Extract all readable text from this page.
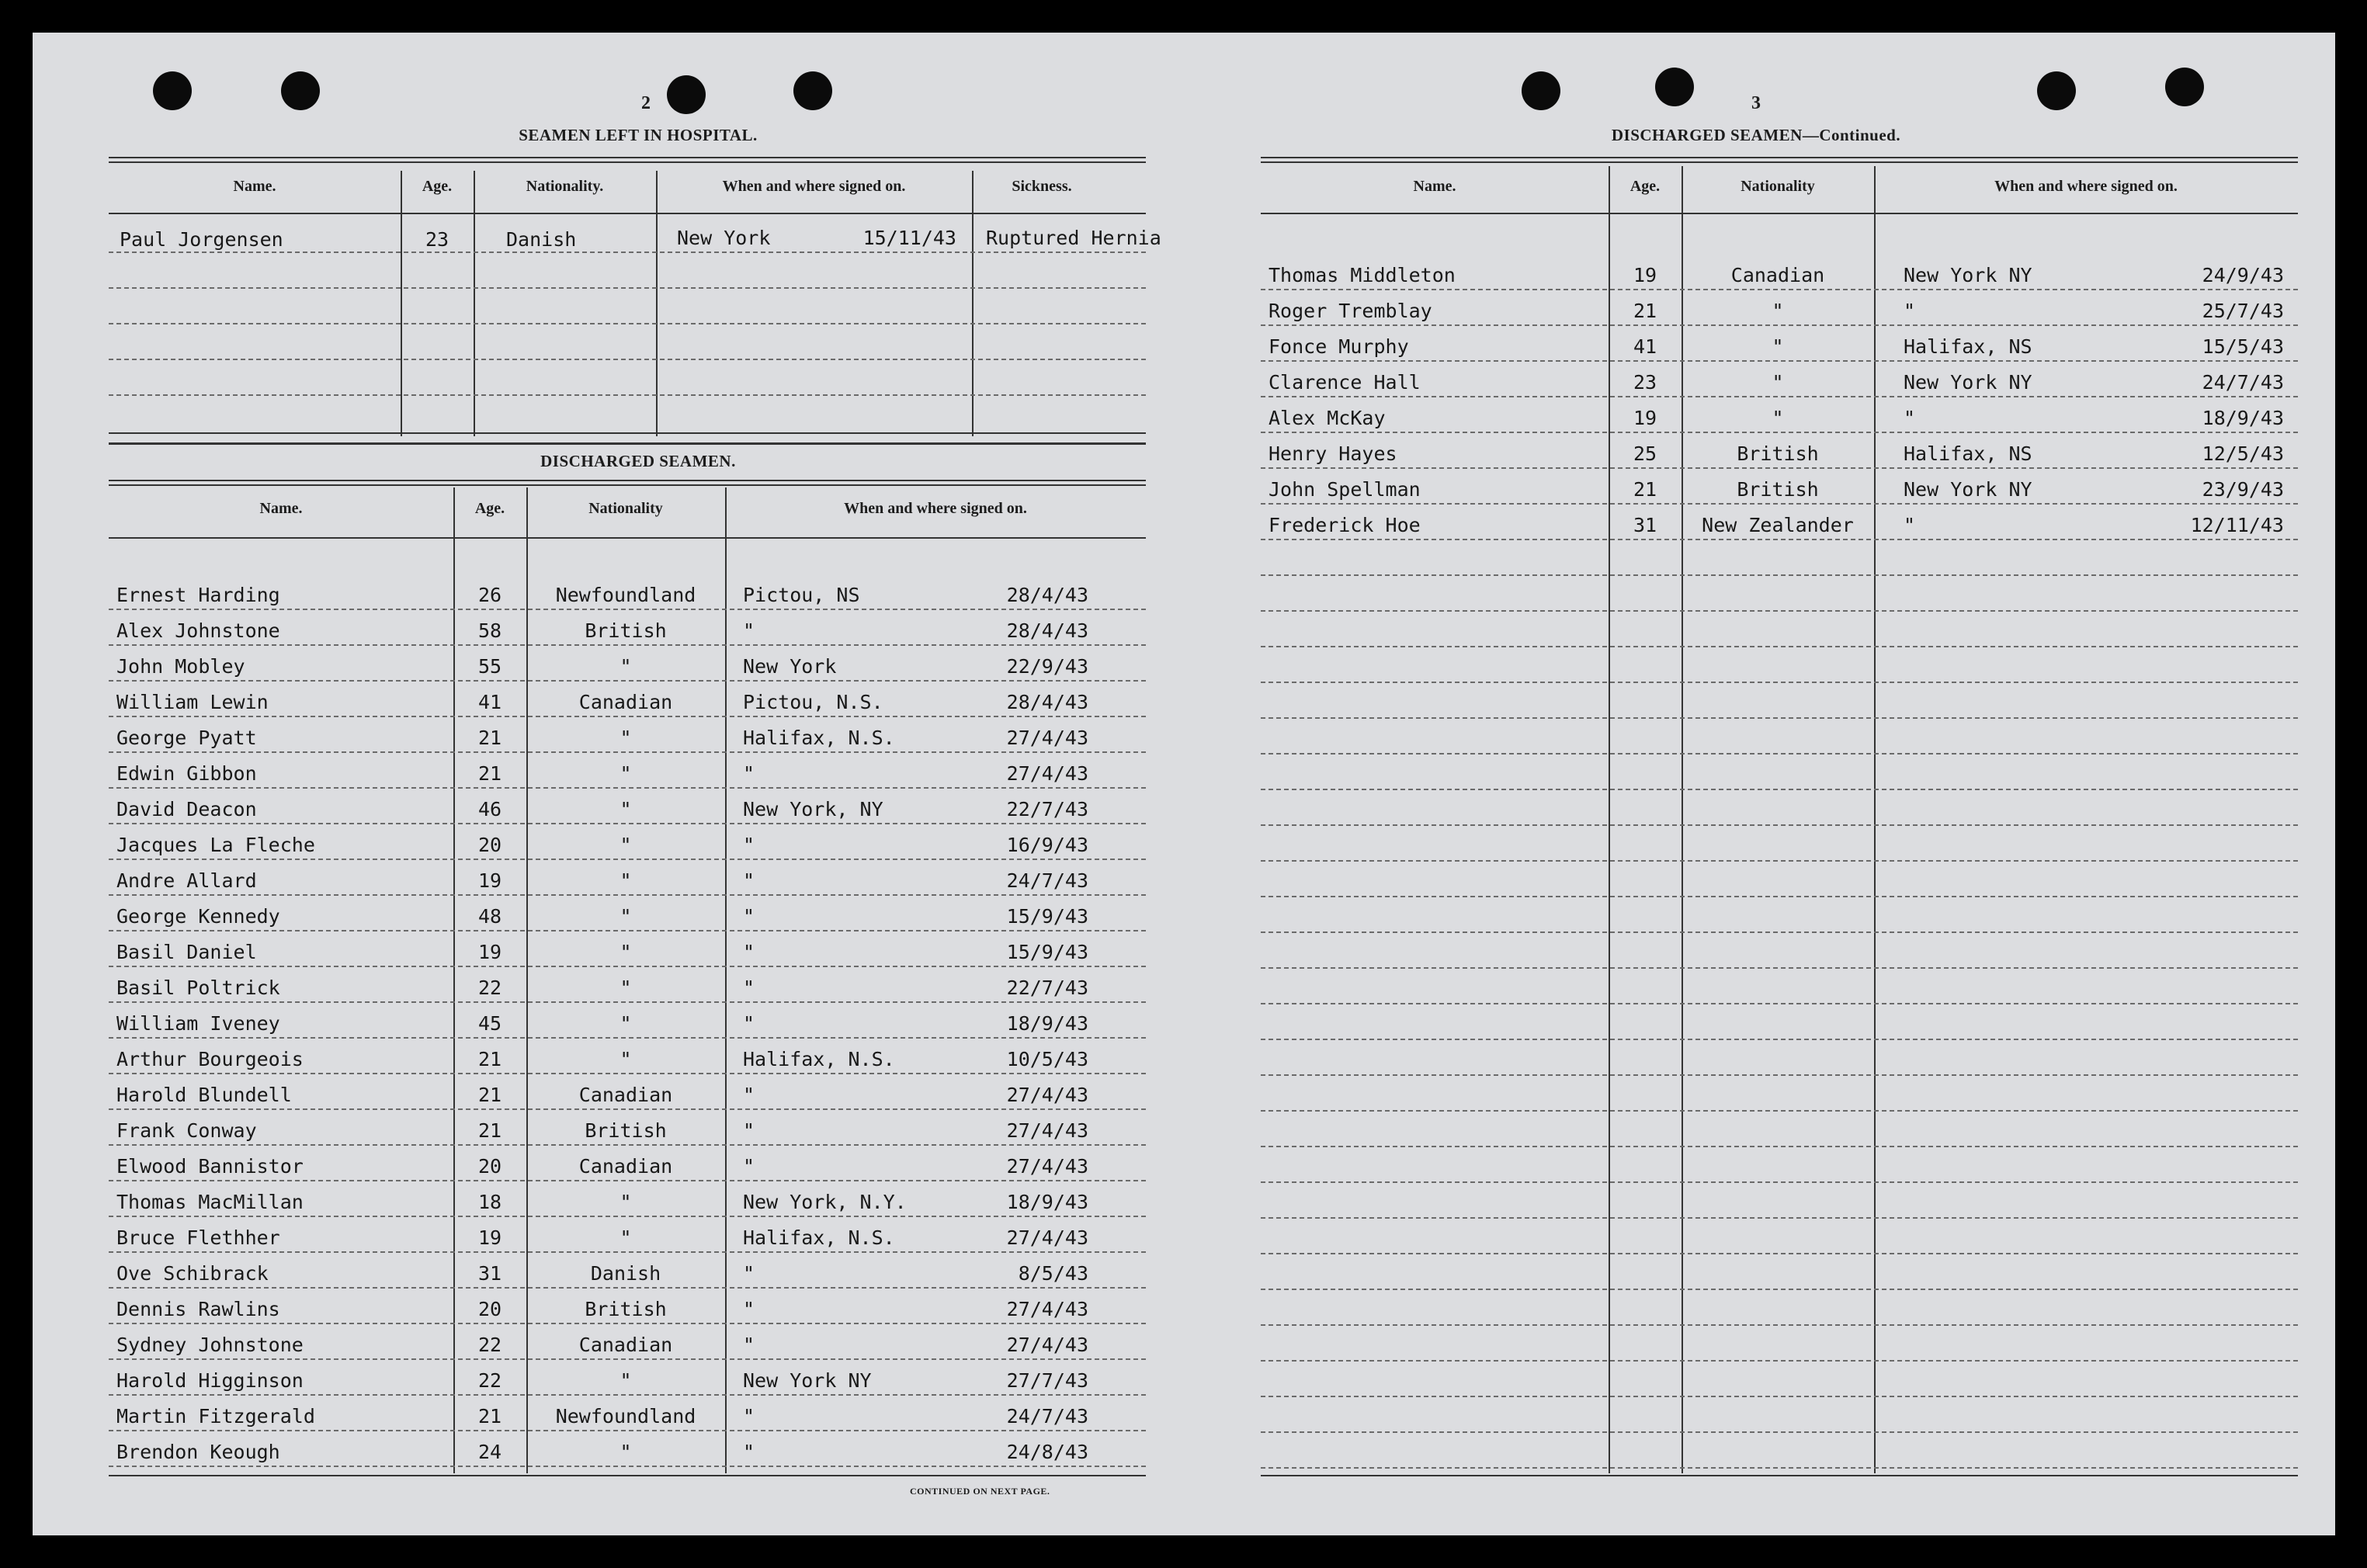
2
SEAMEN LEFT IN HOSPITAL.
Name.	Age.	Nationality.	When and where signed on.	Sickness.
Paul Jorgensen	23	Danish	New York	15/11/43 Ruptured Hernia
DISCHARGED SEAMEN.
Name.	Age.	Nationality	When and where signed on.
Ernest Harding	26	Newfoundland	Pictou, NS	28/4/43
Alex Johnstone	58	British	"	28/4/43
John Mobley	55	"	New York	22/9/43
William Lewin	41	Canadian	Pictou, N.S.	28/4/43
George Pyatt	21	"	Halifax, N.S.	27/4/43
Edwin Gibbon	21	"	"	27/4/43
David Deacon	46	"	New York, NY	22/7/43
Jacques La Fleche	20	"	"	16/9/43
Andre Allard	19	"	"	24/7/43
George Kennedy	48	"	"	15/9/43
Basil Daniel	19	"	"	15/9/43
Basil Poltrick	22	"	"	22/7/43
William Iveney	45	"	"	18/9/43
Arthur Bourgeois	21	"	Halifax, N.S.	10/5/43
Harold Blundell	21	Canadian	"	27/4/43
Frank Conway	21	British	"	27/4/43
Elwood Bannistor	20	Canadian	"	27/4/43
Thomas MacMillan	18	"	New York, N.Y.	18/9/43
Bruce Flethher	19	"	Halifax, N.S.	27/4/43
Ove Schibrack	31	Danish	"	8/5/43
Dennis Rawlins	20	British	"	27/4/43
Sydney Johnstone	22	Canadian	"	27/4/43
Harold Higginson	22	"	New York NY	27/7/43
Martin Fitzgerald	21	Newfoundland	"	24/7/43
Brendon Keough	24	"	"	24/8/43
CONTINUED ON NEXT PAGE.
3
DISCHARGED SEAMEN—Continued.
Name.	Age.	Nationality	When and where signed on.
Thomas Middleton	19	Canadian	New York NY	24/9/43
Roger Tremblay	21	"	"	25/7/43
Fonce Murphy	41	"	Halifax, NS	15/5/43
Clarence Hall	23	"	New York NY	24/7/43
Alex McKay	19	"	"	18/9/43
Henry Hayes	25	British	Halifax, NS	12/5/43
John Spellman	21	British	New York NY	23/9/43
Frederick Hoe	31	New Zealander	"	12/11/43
